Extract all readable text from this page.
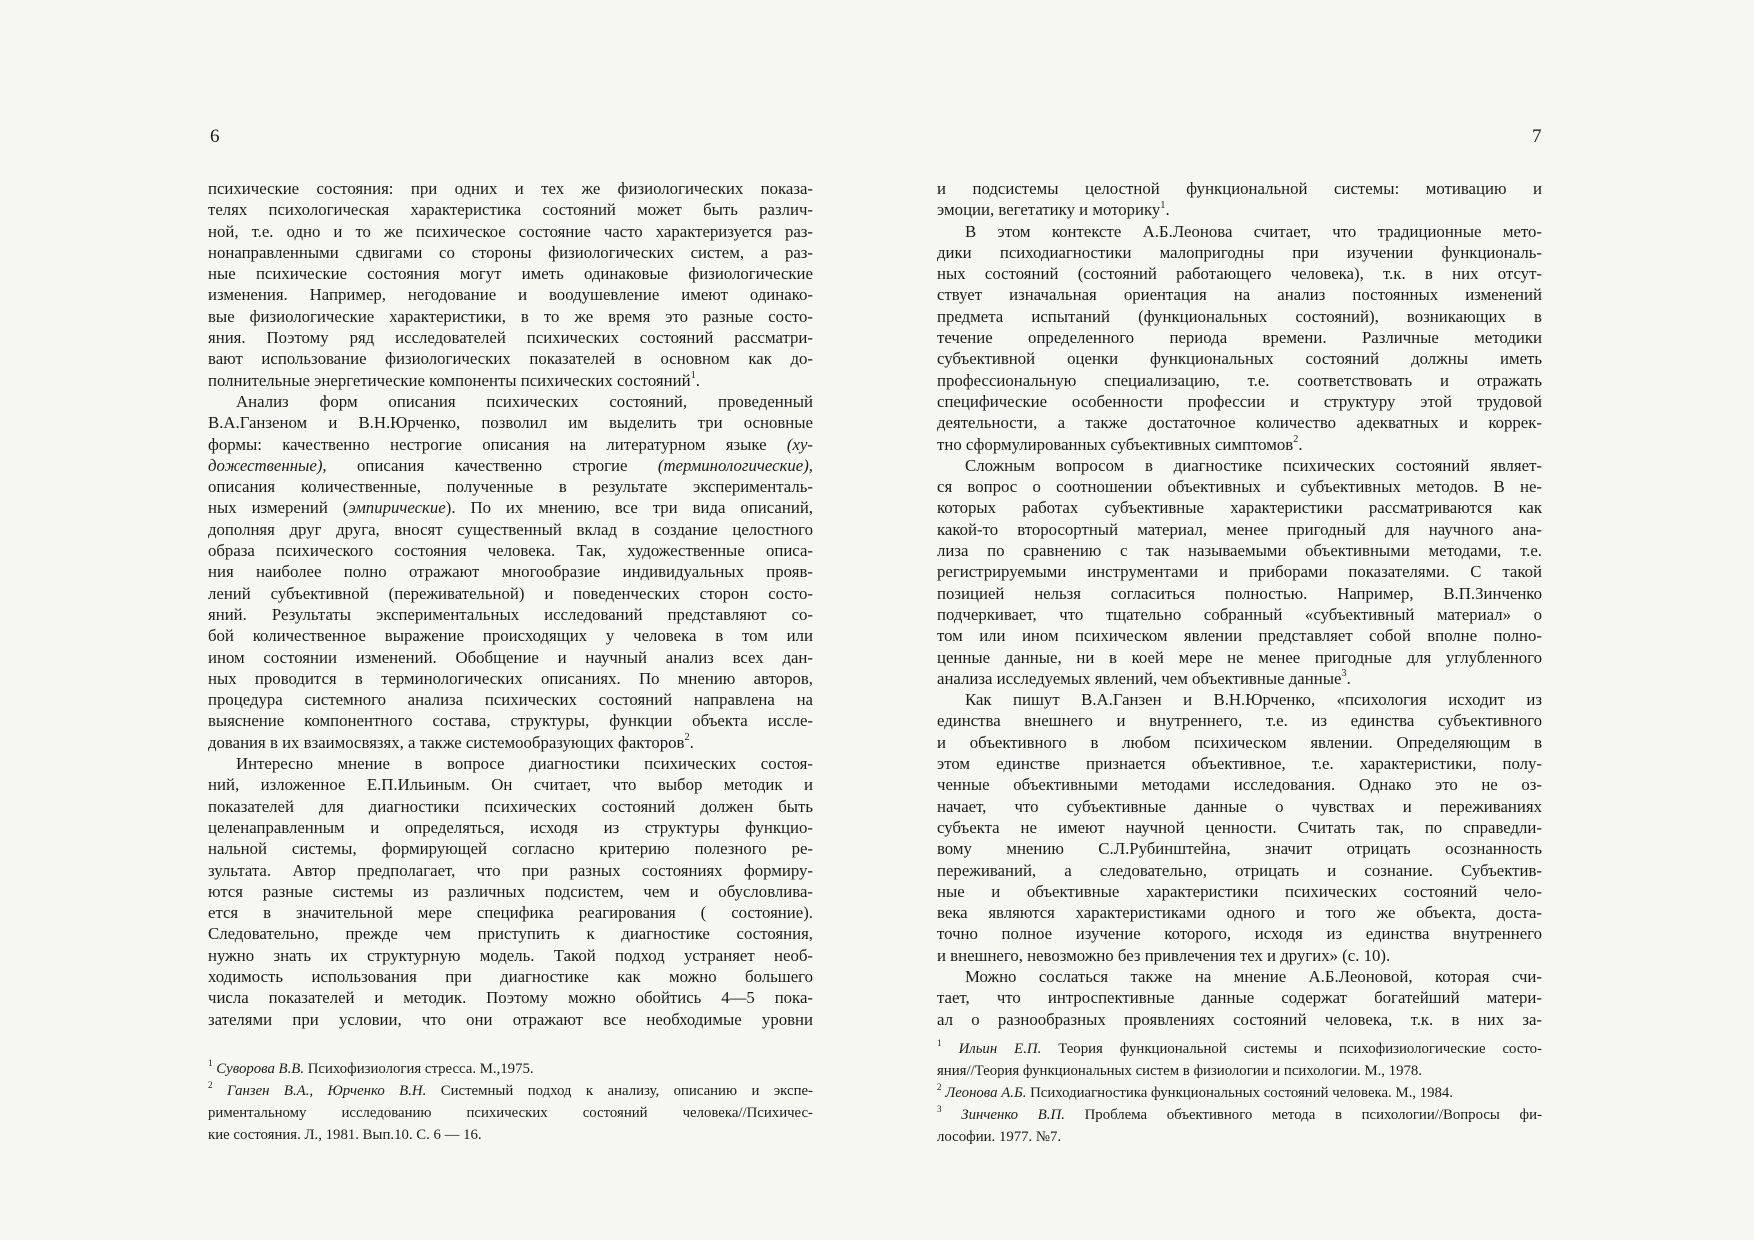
6
психические состояния: при одних и тех же физиологических показа-
телях психологическая характеристика состояний может быть различ-
ной, т.е. одно и то же психическое состояние часто характеризуется раз-
нонаправленными сдвигами со стороны физиологических систем, а раз-
ные психические состояния могут иметь одинаковые физиологические
изменения. Например, негодование и воодушевление имеют одинако-
вые физиологические характеристики, в то же время это разные состо-
яния. Поэтому ряд исследователей психических состояний рассматри-
вают использование физиологических показателей в основном как до-
полнительные энергетические компоненты психических состояний$^1$.
Анализ форм описания психических состояний, проведенный
В.А.Ганзеном и В.Н.Юрченко, позволил им выделить три основные
формы: качественно нестрогие описания на литературном языке (ху-
дожественные), описания качественно строгие (терминологические),
описания количественные, полученные в результате эксперименталь-
ных измерений (эмпирические). По их мнению, все три вида описаний,
дополняя друг друга, вносят существенный вклад в создание целостного
образа психического состояния человека. Так, художественные описа-
ния наиболее полно отражают многообразие индивидуальных прояв-
лений субъективной (переживательной) и поведенческих сторон состо-
яний. Результаты экспериментальных исследований представляют со-
бой количественное выражение происходящих у человека в том или
ином состоянии изменений. Обобщение и научный анализ всех дан-
ных проводится в терминологических описаниях. По мнению авторов,
процедура системного анализа психических состояний направлена на
выяснение компонентного состава, структуры, функции объекта иссле-
дования в их взаимосвязях, а также системообразующих факторов$^2$.
Интересно мнение в вопросе диагностики психических состоя-
ний, изложенное Е.П.Ильиным. Он считает, что выбор методик и
показателей для диагностики психических состояний должен быть
целенаправленным и определяться, исходя из структуры функцио-
нальной системы, формирующей согласно критерию полезного ре-
зультата. Автор предполагает, что при разных состояниях формиру-
ются разные системы из различных подсистем, чем и обусловлива-
ется в значительной мере специфика реагирования ( состояние).
Следовательно, прежде чем приступить к диагностике состояния,
нужно знать их структурную модель. Такой подход устраняет необ-
ходимость использования при диагностике как можно большего
числа показателей и методик. Поэтому можно обойтись 4—5 пока-
зателями при условии, что они отражают все необходимые уровни
$^1$ Суворова В.В. Психофизиология стресса. М.,1975.
$^2$ Ганзен В.А., Юрченко В.Н. Системный подход к анализу, описанию и экспе-
риментальному исследованию психических состояний человека//Психичес-
кие состояния. Л., 1981. Вып.10. С. 6 — 16.
7
и подсистемы целостной функциональной системы: мотивацию и
эмоции, вегетатику и моторику$^1$.
В этом контексте А.Б.Леонова считает, что традиционные мето-
дики психодиагностики малопригодны при изучении функциональ-
ных состояний (состояний работающего человека), т.к. в них отсут-
ствует изначальная ориентация на анализ постоянных изменений
предмета испытаний (функциональных состояний), возникающих в
течение определенного периода времени. Различные методики
субъективной оценки функциональных состояний должны иметь
профессиональную специализацию, т.е. соответствовать и отражать
специфические особенности профессии и структуру этой трудовой
деятельности, а также достаточное количество адекватных и коррек-
тно сформулированных субъективных симптомов$^2$.
Сложным вопросом в диагностике психических состояний являет-
ся вопрос о соотношении объективных и субъективных методов. В не-
которых работах субъективные характеристики рассматриваются как
какой-то второсортный материал, менее пригодный для научного ана-
лиза по сравнению с так называемыми объективными методами, т.е.
регистрируемыми инструментами и приборами показателями. С такой
позицией нельзя согласиться полностью. Например, В.П.Зинченко
подчеркивает, что тщательно собранный «субъективный материал» о
том или ином психическом явлении представляет собой вполне полно-
ценные данные, ни в коей мере не менее пригодные для углубленного
анализа исследуемых явлений, чем объективные данные$^3$.
Как пишут В.А.Ганзен и В.Н.Юрченко, «психология исходит из
единства внешнего и внутреннего, т.е. из единства субъективного
и объективного в любом психическом явлении. Определяющим в
этом единстве признается объективное, т.е. характеристики, полу-
ченные объективными методами исследования. Однако это не оз-
начает, что субъективные данные о чувствах и переживаниях
субъекта не имеют научной ценности. Считать так, по справедли-
вому мнению С.Л.Рубинштейна, значит отрицать осознанность
переживаний, а следовательно, отрицать и сознание. Субъектив-
ные и объективные характеристики психических состояний чело-
века являются характеристиками одного и того же объекта, доста-
точно полное изучение которого, исходя из единства внутреннего
и внешнего, невозможно без привлечения тех и других» (с. 10).
Можно сослаться также на мнение А.Б.Леоновой, которая счи-
тает, что интроспективные данные содержат богатейший матери-
ал о разнообразных проявлениях состояний человека, т.к. в них за-
$^1$ Ильин Е.П. Теория функциональной системы и психофизиологические состо-
яния//Теория функциональных систем в физиологии и психологии. М., 1978.
$^2$ Леонова А.Б. Психодиагностика функциональных состояний человека. М., 1984.
$^3$ Зинченко В.П. Проблема объективного метода в психологии//Вопросы фи-
лософии. 1977. №7.
